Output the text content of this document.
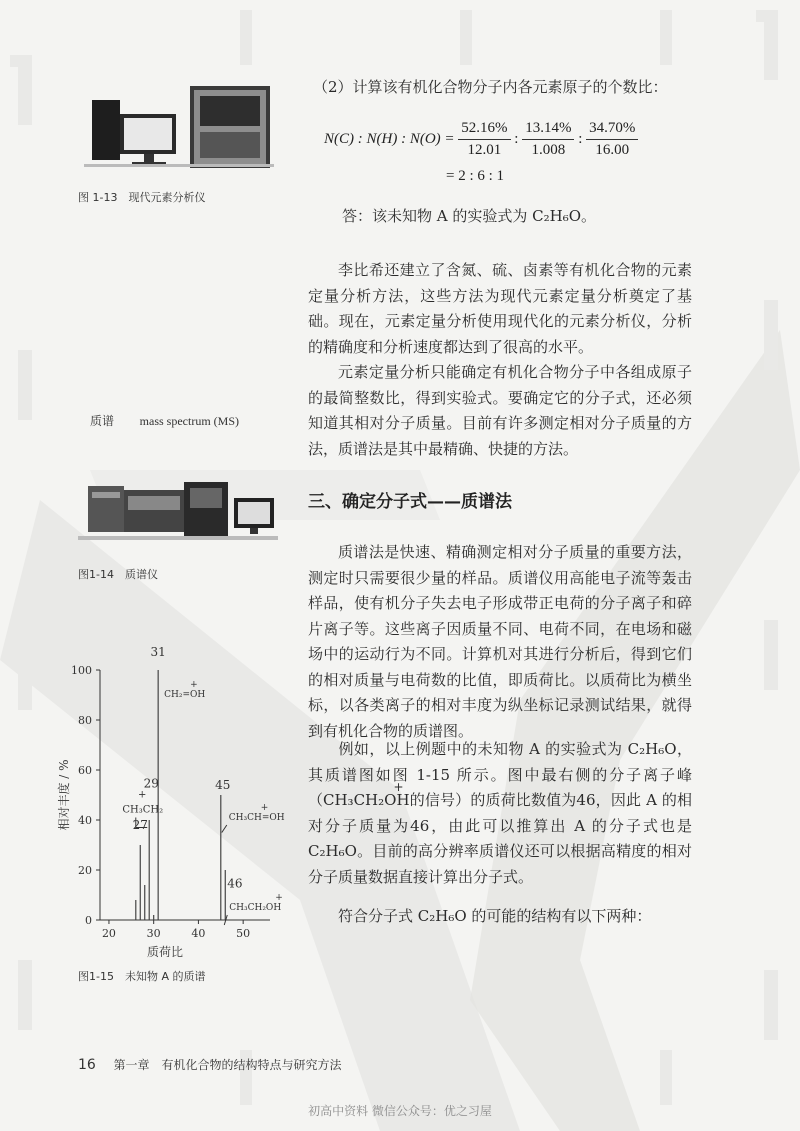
图 1-13　现代元素分析仪
质谱 mass spectrum (MS)
图1-14　质谱仪
0
20
40
60
80
100
20	30	40	50
质荷比
相对丰度 / %
31
CH₂=OH
+
29
CH₃CH₂
+
27
45
CH₃CH=OH
+
46
CH₃CH₂OH
+
图1-15　未知物 A 的质谱
（2）计算该有机化合物分子内各元素原子的个数比：
N(C) : N(H) : $N(O) = \frac{52.16\%}{12.01}$ : $\frac{13.14\%}{1.008}$ : $\frac{34.70\%}{16.00}$
= 2 : 6 : 1
答：该未知物 A 的实验式为 C₂H₆O。

李比希还建立了含氮、硫、卤素等有机化合物的元素定量分析方法，这些方法为现代元素定量分析奠定了基础。现在，元素定量分析使用现代化的元素分析仪，分析的精确度和分析速度都达到了很高的水平。

元素定量分析只能确定有机化合物分子中各组成原子的最简整数比，得到实验式。要确定它的分子式，还必须知道其相对分子质量。目前有许多测定相对分子质量的方法，质谱法是其中最精确、快捷的方法。

三、确定分子式——质谱法

质谱法是快速、精确测定相对分子质量的重要方法，测定时只需要很少量的样品。质谱仪用高能电子流等轰击样品，使有机分子失去电子形成带正电荷的分子离子和碎片离子等。这些离子因质量不同、电荷不同，在电场和磁场中的运动行为不同。计算机对其进行分析后，得到它们的相对质量与电荷数的比值，即质荷比。以质荷比为横坐标，以各类离子的相对丰度为纵坐标记录测试结果，就得到有机化合物的质谱图。

例如，以上例题中的未知物 A 的实验式为 C₂H₆O，其质谱图如图 1-15 所示。图中最右侧的分子离子峰（CH₃CH₂OH
+
的信号）的质荷比数值为46，因此 A 的相对分子质量为46，由此可以推算出 A 的分子式也是 C₂H₆O。目前的高分辨率质谱仪还可以根据高精度的相对分子质量数据直接计算出分子式。

符合分子式 C₂H₆O 的可能的结构有以下两种：

16 第一章　有机化合物的结构特点与研究方法
初高中资料 微信公众号：优之习屋
